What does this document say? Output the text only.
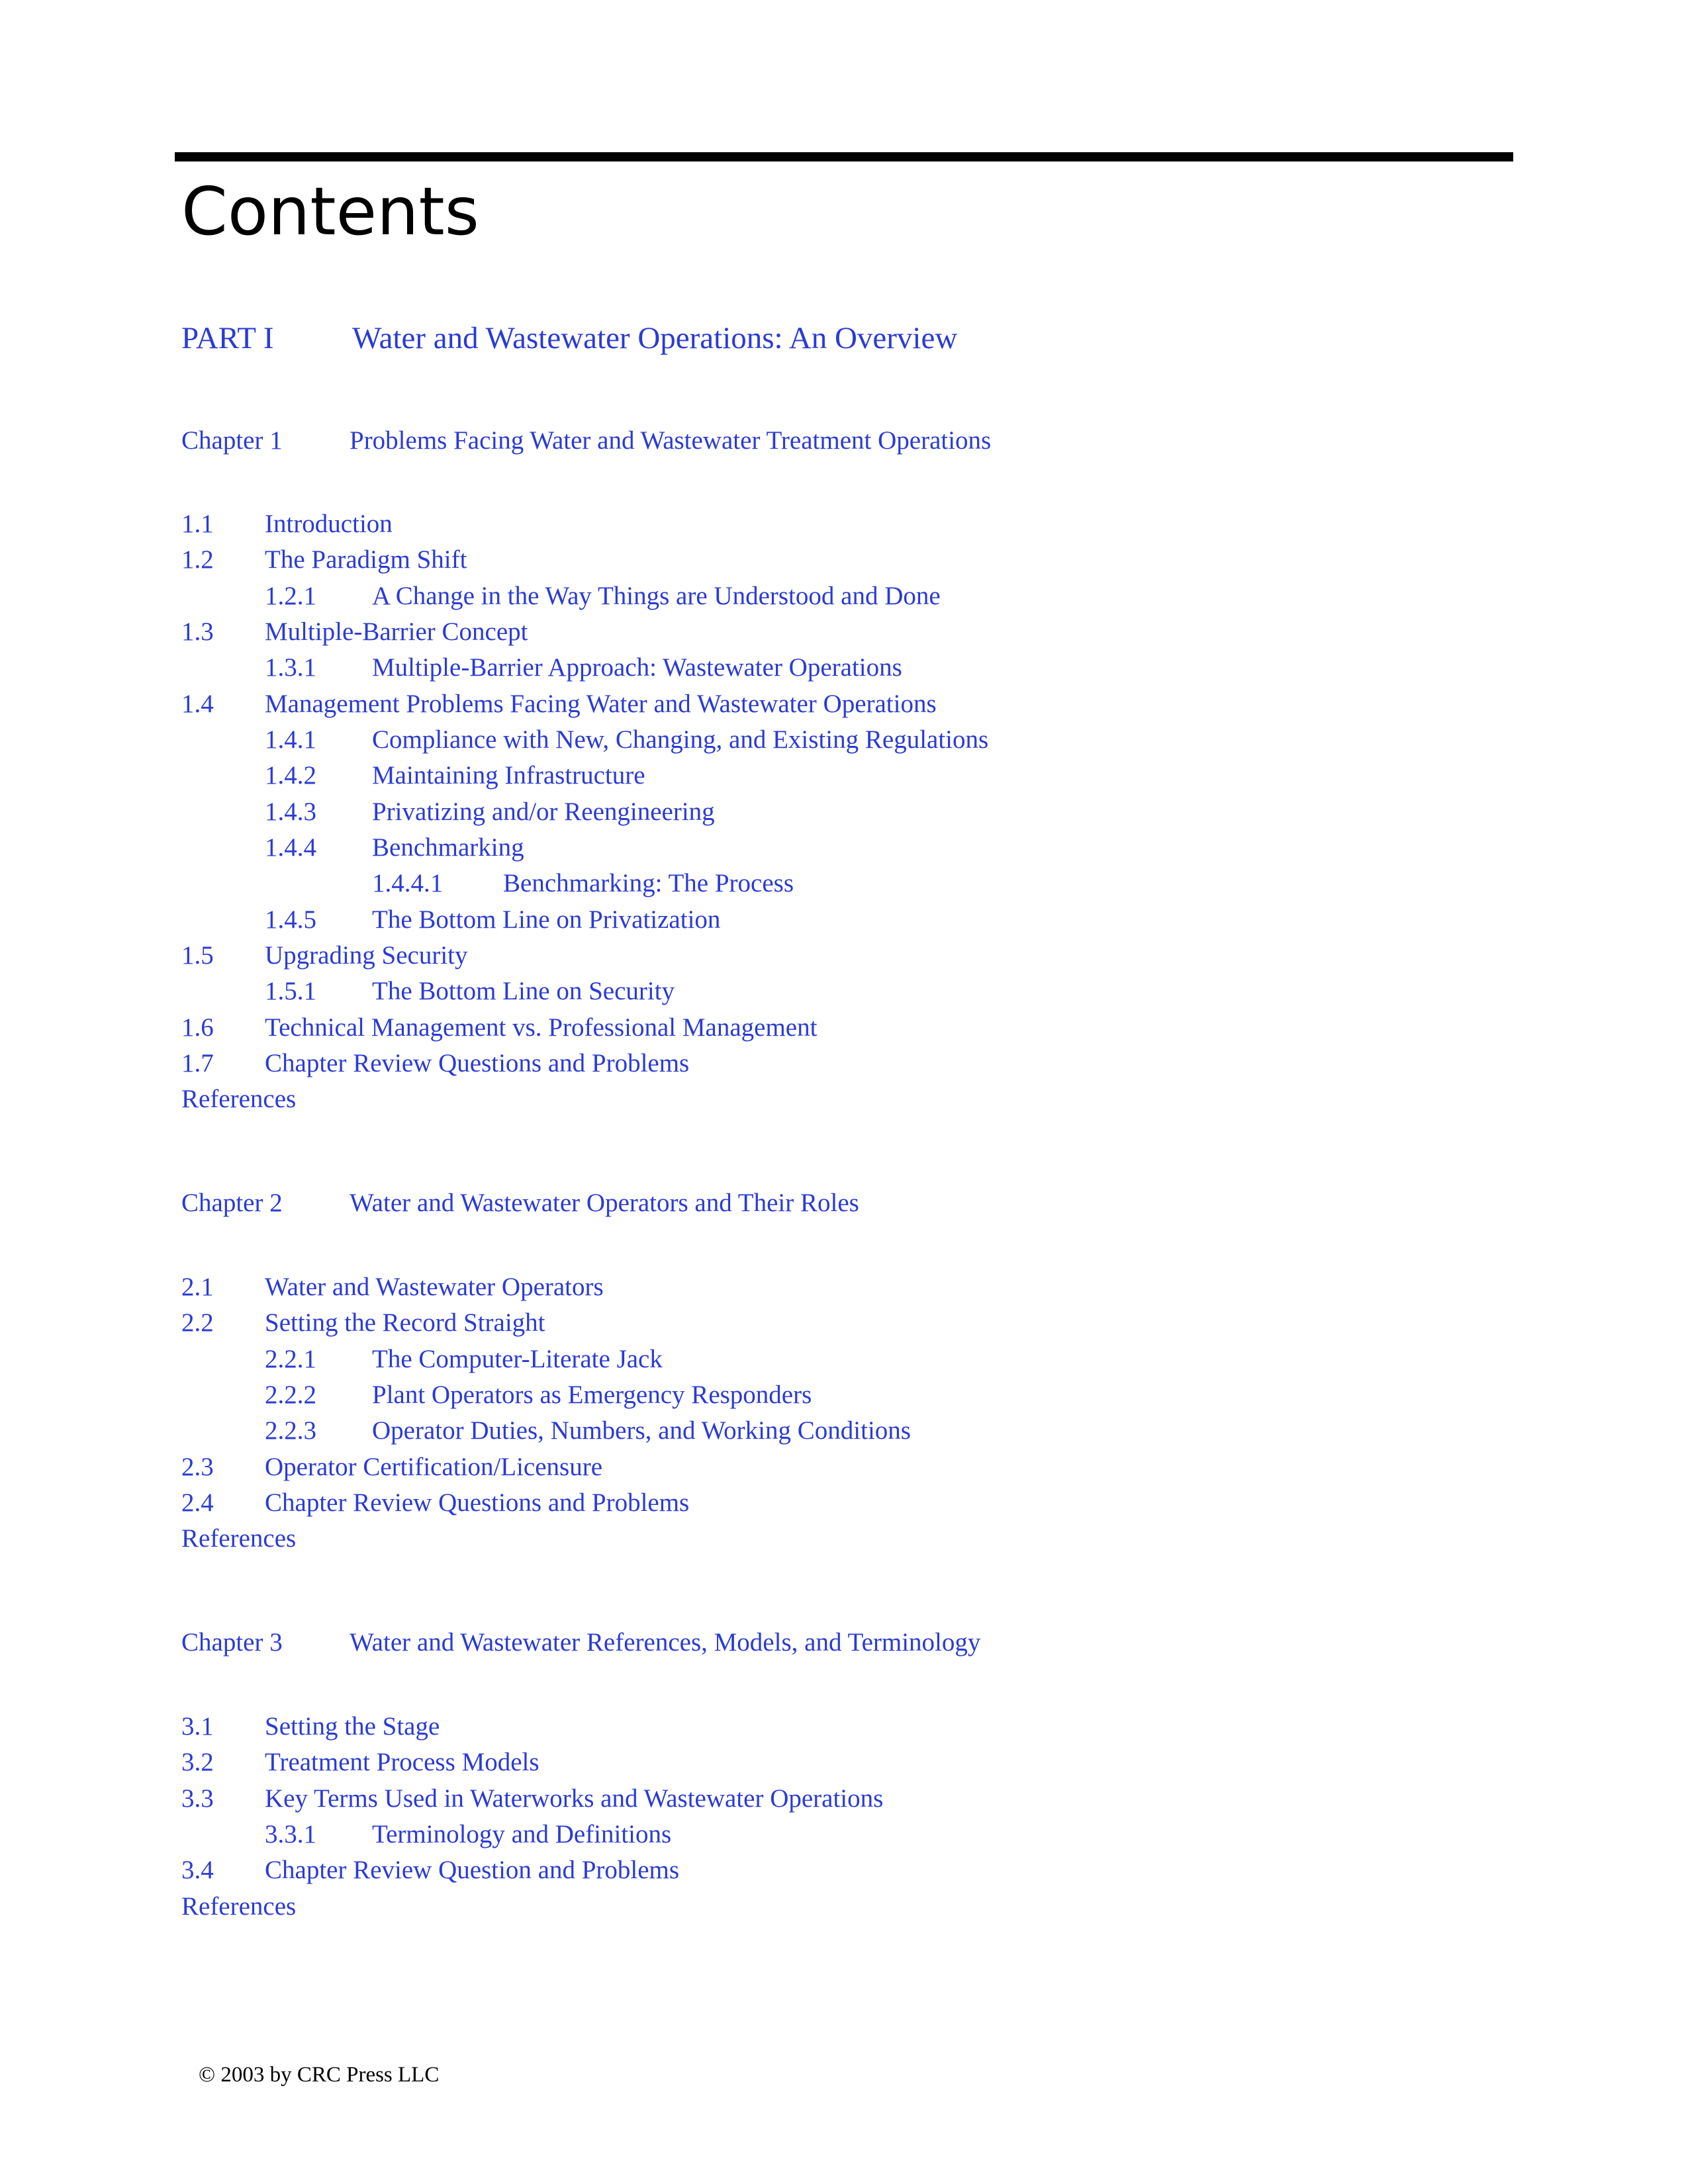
Contents
PART I	Water and Wastewater Operations: An Overview
Chapter 1	Problems Facing Water and Wastewater Treatment Operations
1.1 Introduction
1.2 The Paradigm Shift
1.2.1 A Change in the Way Things are Understood and Done
1.3 Multiple-Barrier Concept
1.3.1 Multiple-Barrier Approach: Wastewater Operations
1.4 Management Problems Facing Water and Wastewater Operations
1.4.1 Compliance with New, Changing, and Existing Regulations
1.4.2 Maintaining Infrastructure
1.4.3 Privatizing and/or Reengineering
1.4.4 Benchmarking
1.4.4.1 Benchmarking: The Process
1.4.5 The Bottom Line on Privatization
1.5 Upgrading Security
1.5.1 The Bottom Line on Security
1.6 Technical Management vs. Professional Management
1.7 Chapter Review Questions and Problems
References
Chapter 2	Water and Wastewater Operators and Their Roles
2.1 Water and Wastewater Operators
2.2 Setting the Record Straight
2.2.1 The Computer-Literate Jack
2.2.2 Plant Operators as Emergency Responders
2.2.3 Operator Duties, Numbers, and Working Conditions
2.3 Operator Certification/Licensure
2.4 Chapter Review Questions and Problems
References
Chapter 3	Water and Wastewater References, Models, and Terminology
3.1 Setting the Stage
3.2 Treatment Process Models
3.3 Key Terms Used in Waterworks and Wastewater Operations
3.3.1 Terminology and Definitions
3.4 Chapter Review Question and Problems
References
© 2003 by CRC Press LLC
